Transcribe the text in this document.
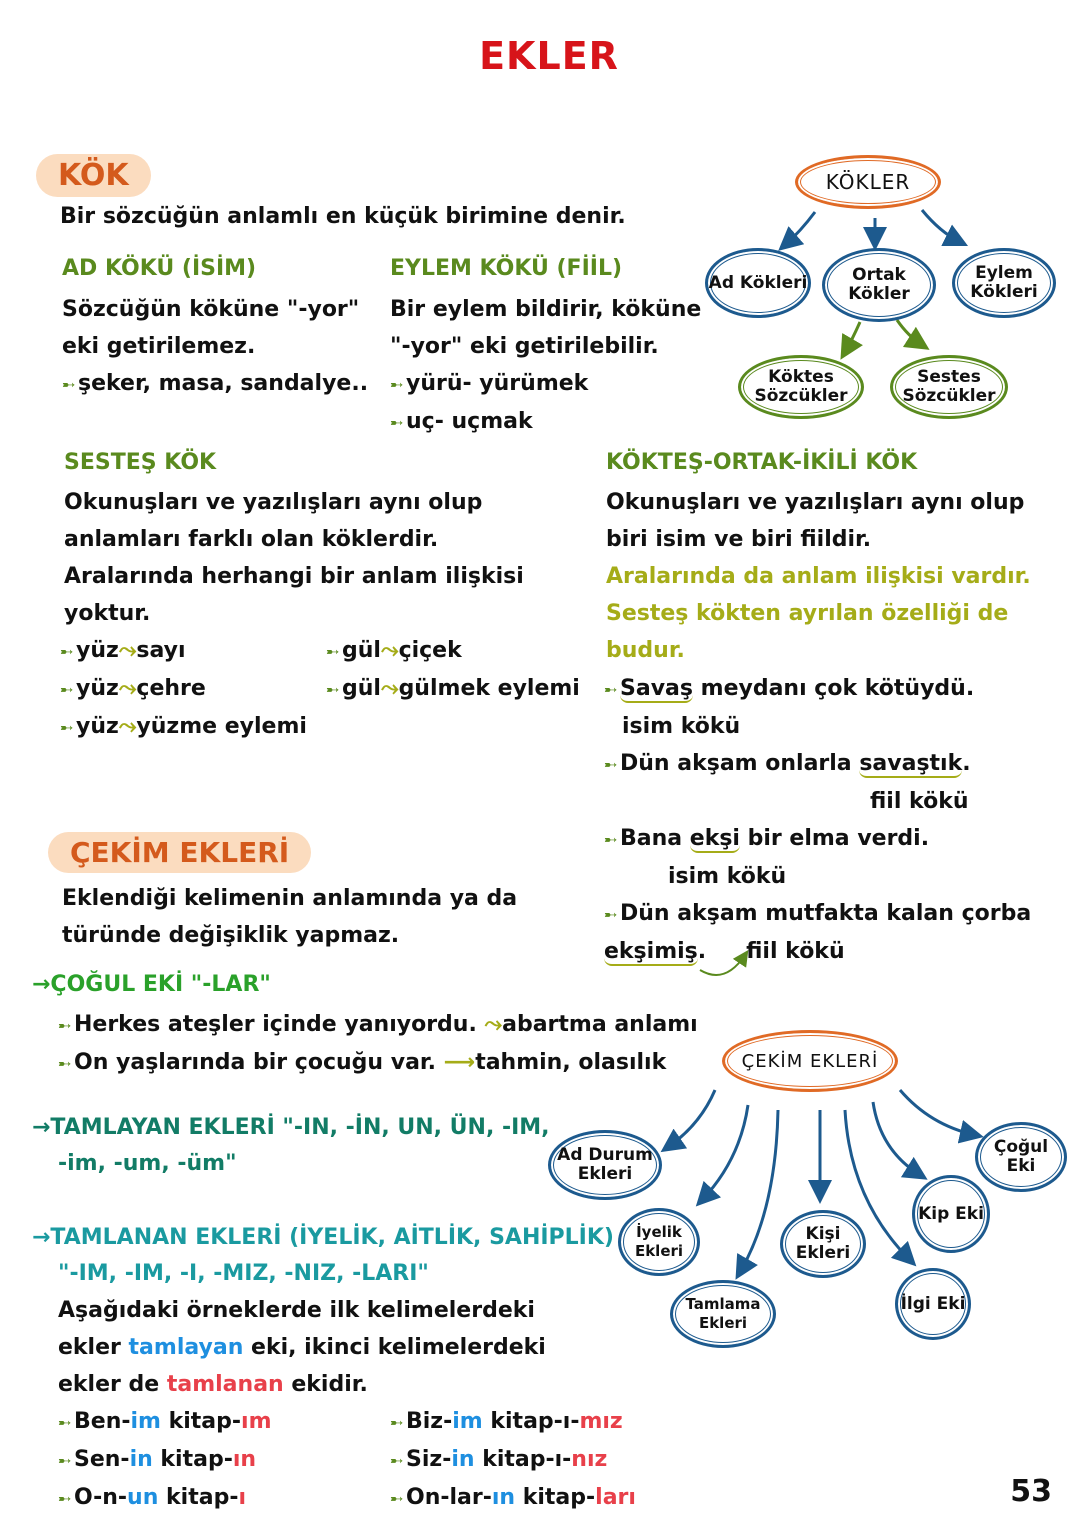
EKLER
KÖK
Bir sözcüğün anlamlı en küçük birimine denir.
AD KÖKÜ (İSİM)
Sözcüğün köküne "-yor"
eki getirilemez.
➸ şeker, masa, sandalye..
EYLEM KÖKÜ (FİİL)
Bir eylem bildirir, köküne
"-yor" eki getirilebilir.
➸ yürü- yürümek
➸ uç- uçmak
KÖKLER
Ad Kökleri	Ortak Kökler
Eylem Kökleri
Köktes Sözcükler
Sestes Sözcükler
SESTEŞ KÖK
Okunuşları ve yazılışları aynı olup
anlamları farklı olan köklerdir.
Aralarında herhangi bir anlam ilişkisi
yoktur.
➸ yüz⤳sayı
➸ yüz⤳çehre
➸ yüz⤳yüzme eylemi
➸ gül⤳çiçek
➸ gül⤳gülmek eylemi
KÖKTEŞ-ORTAK-İKİLİ KÖK
Okunuşları ve yazılışları aynı olup
biri isim ve biri fiildir.
Aralarında da anlam ilişkisi vardır.
Sesteş kökten ayrılan özelliği de
budur.
➸ Savaş meydanı çok kötüydü.
isim kökü
➸ Dün akşam onlarla savaştık.
fiil kökü
➸ Bana ekşi bir elma verdi.
isim kökü
➸ Dün akşam mutfakta kalan çorba
ekşimiş. fiil kökü
ÇEKİM EKLERİ
Eklendiği kelimenin anlamında ya da
türünde değişiklik yapmaz.
→ÇOĞUL EKİ "-LAR"
➸ Herkes ateşler içinde yanıyordu. ⤳abartma anlamı
➸ On yaşlarında bir çocuğu var. ⟶tahmin, olasılık
→TAMLAYAN EKLERİ "-IN, -İN, UN, ÜN, -IM,
-im, -um, -üm"
→TAMLANAN EKLERİ (İYELİK, AİTLİK, SAHİPLİK)
"-IM, -IM, -I, -MIZ, -NIZ, -LARI"
Aşağıdaki örneklerde ilk kelimelerdeki
ekler tamlayan eki, ikinci kelimelerdeki
ekler de tamlanan ekidir.
➸ Ben-im kitap-ım
➸ Sen-in kitap-ın
➸ O-n-un kitap-ı
➸ Biz-im kitap-ı-mız
➸ Siz-in kitap-ı-nız
➸ On-lar-ın kitap-ları
ÇEKİM EKLERİ
Ad Durum Ekleri
İyelik Ekleri
Tamlama Ekleri
Kişi Ekleri
İlgi Eki
Kip Eki
Çoğul Eki
53
